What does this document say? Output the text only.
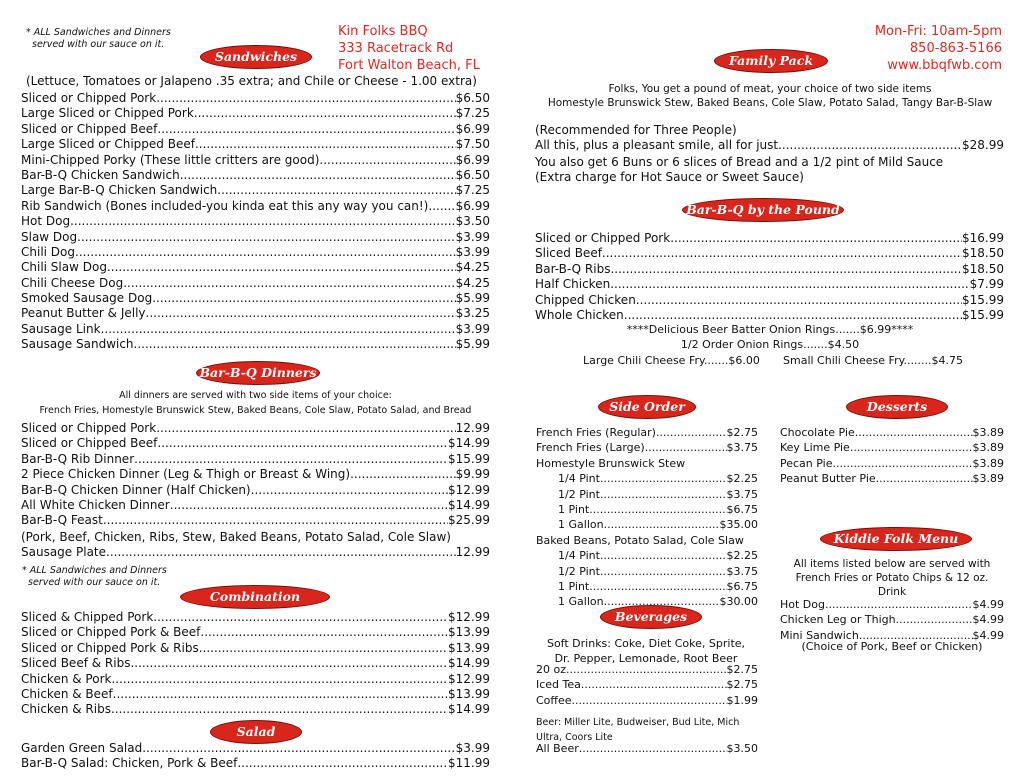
* ALL Sandwiches and Dinners
served with our sauce on it.
Kin Folks BBQ
333 Racetrack Rd
Fort Walton Beach, FL
Mon-Fri: 10am-5pm
850-863-5166
www.bbqfwb.com
Sandwiches
(Lettuce, Tomatoes or Jalapeno .35 extra; and Chile or Cheese - 1.00 extra)
Sliced or Chipped Pork .....	$6.50
Large Sliced or Chipped Pork .....	$7.25
Sliced or Chipped Beef .....	$6.99
Large Sliced or Chipped Beef .....	$7.50
Mini-Chipped Porky (These little critters are good) .....	$6.99
Bar-B-Q Chicken Sandwich .....	$6.50
Large Bar-B-Q Chicken Sandwich .....	$7.25
Rib Sandwich (Bones included-you kinda eat this any way you can!) ..... $6.99
Hot Dog .....	$3.50
Slaw Dog .....	$3.99
Chili Dog .....	$3.99
Chili Slaw Dog .....	$4.25
Chili Cheese Dog .....	$4.25
Smoked Sausage Dog .....	$5.99
Peanut Butter & Jelly .....	$3.25
Sausage Link .....	$3.99
Sausage Sandwich .....	$5.99
Bar-B-Q Dinners
All dinners are served with two side items of your choice:
French Fries, Homestyle Brunswick Stew, Baked Beans, Cole Slaw, Potato Salad, and Bread
Sliced or Chipped Pork .....	12.99
Sliced or Chipped Beef .....	$14.99
Bar-B-Q Rib Dinner .....	$15.99
2 Piece Chicken Dinner (Leg & Thigh or Breast & Wing) .....	$9.99
Bar-B-Q Chicken Dinner (Half Chicken) .....	$12.99
All White Chicken Dinner .....	$14.99
Bar-B-Q Feast .....	$25.99
(Pork, Beef, Chicken, Ribs, Stew, Baked Beans, Potato Salad, Cole Slaw)
Sausage Plate .....	12.99
* ALL Sandwiches and Dinners
served with our sauce on it.
Combination Dinners
Sliced & Chipped Pork .....	$12.99
Sliced or Chipped Pork & Beef .....	$13.99
Sliced or Chipped Pork & Ribs .....	$13.99
Sliced Beef & Ribs .....	$14.99
Chicken & Pork .....	$12.99
Chicken & Beef .....	$13.99
Chicken & Ribs .....	$14.99
Salad
Garden Green Salad .....	$3.99
Bar-B-Q Salad: Chicken, Pork & Beef .....	$11.99
Family Pack
Folks, You get a pound of meat, your choice of two side items
Homestyle Brunswick Stew, Baked Beans, Cole Slaw, Potato Salad, Tangy Bar-B-Slaw
(Recommended for Three People)
All this, plus a pleasant smile, all for just .....	$28.99
You also get 6 Buns or 6 slices of Bread and a 1/2 pint of Mild Sauce
(Extra charge for Hot Sauce or Sweet Sauce)
Bar-B-Q by the Pound
Sliced or Chipped Pork .....	$16.99
Sliced Beef .....	$18.50
Bar-B-Q Ribs .....	$18.50
Half Chicken .....	$7.99
Chipped Chicken .....	$15.99
Whole Chicken .....	$15.99
****Delicious Beer Batter Onion Rings.......$6.99****
1/2 Order Onion Rings.......$4.50
Large Chili Cheese Fry.......$6.00 Small Chili Cheese Fry........$4.75
Side Order
French Fries (Regular) .....	$2.75
French Fries (Large) .....	$3.75
Homestyle Brunswick Stew
1/4 Pint .....	$2.25
1/2 Pint .....	$3.75
1 Pint .....	$6.75
1 Gallon .....	$35.00
Baked Beans, Potato Salad, Cole Slaw
1/4 Pint .....	$2.25
1/2 Pint .....	$3.75
1 Pint .....	$6.75
1 Gallon .....	$30.00
Desserts
Chocolate Pie .....	$3.89
Key Lime Pie .....	$3.89
Pecan Pie .....	$3.89
Peanut Butter Pie .....	$3.89
Kiddie Folk Menu
All items listed below are served with
French Fries or Potato Chips & 12 oz.
Drink
Hot Dog .....	$4.99
Chicken Leg or Thigh .....	$4.99
Mini Sandwich .....	$4.99
(Choice of Pork, Beef or Chicken)
Beverages
Soft Drinks: Coke, Diet Coke, Sprite,
Dr. Pepper, Lemonade, Root Beer
20 oz. .....	$2.75
Iced Tea .....	$2.75
Coffee .....	$1.99
Beer: Miller Lite, Budweiser, Bud Lite, Mich
Ultra, Coors Lite
All Beer .....	$3.50
